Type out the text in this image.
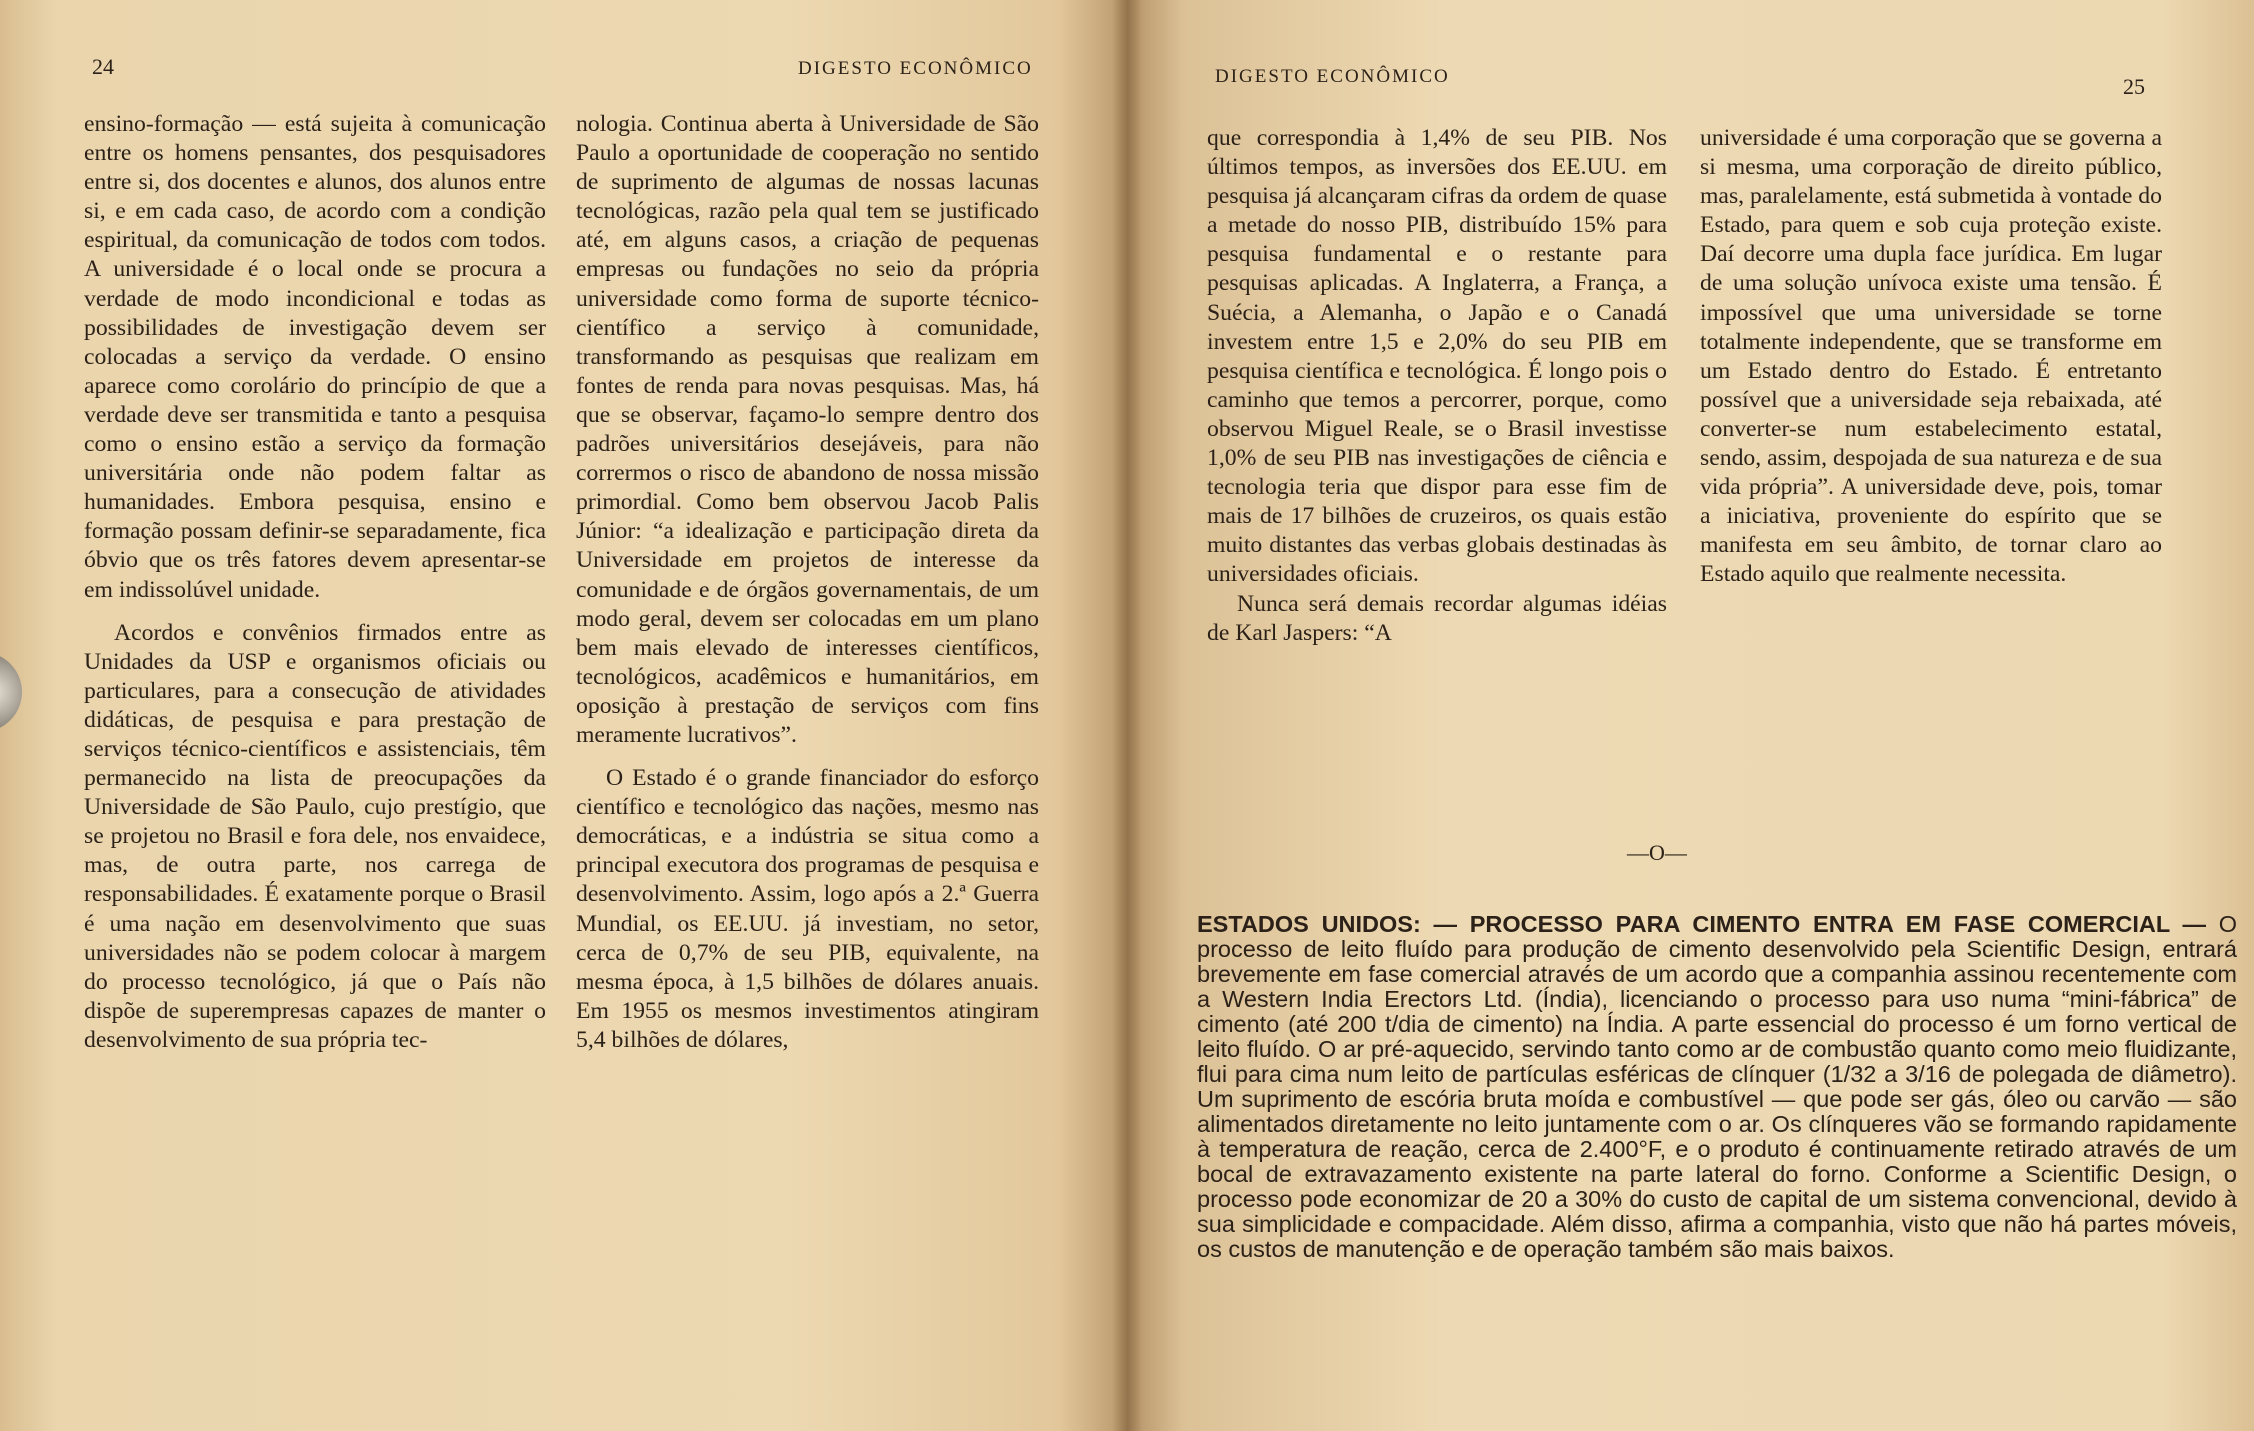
24	DIGESTO ECONÔMICO

ensino-formação — está sujeita à comunicação entre os homens pensantes, dos pesquisadores entre si, dos docentes e alunos, dos alunos entre si, e em cada caso, de acordo com a condição espiritual, da comunicação de todos com todos. A universidade é o local onde se procura a verdade de modo incondicional e todas as possibilidades de investigação devem ser colocadas a serviço da verdade. O ensino aparece como corolário do princípio de que a verdade deve ser transmitida e tanto a pesquisa como o ensino estão a serviço da formação universitária onde não podem faltar as humanidades. Embora pesquisa, ensino e formação possam definir-se separadamente, fica óbvio que os três fatores devem apresentar-se em indissolúvel unidade.

Acordos e convênios firmados entre as Unidades da USP e organismos oficiais ou particulares, para a consecução de atividades didáticas, de pesquisa e para prestação de serviços técnico-científicos e assistenciais, têm permanecido na lista de preocupações da Universidade de São Paulo, cujo prestígio, que se projetou no Brasil e fora dele, nos envaidece, mas, de outra parte, nos carrega de responsabilidades. É exatamente porque o Brasil é uma nação em desenvolvimento que suas universidades não se podem colocar à margem do processo tecnológico, já que o País não dispõe de superempresas capazes de manter o desenvolvimento de sua própria tec-

nologia. Continua aberta à Universidade de São Paulo a oportunidade de cooperação no sentido de suprimento de algumas de nossas lacunas tecnológicas, razão pela qual tem se justificado até, em alguns casos, a criação de pequenas empresas ou fundações no seio da própria universidade como forma de suporte técnico-científico a serviço à comunidade, transformando as pesquisas que realizam em fontes de renda para novas pesquisas. Mas, há que se observar, façamo-lo sempre dentro dos padrões universitários desejáveis, para não corrermos o risco de abandono de nossa missão primordial. Como bem observou Jacob Palis Júnior: “a idealização e participação direta da Universidade em projetos de interesse da comunidade e de órgãos governamentais, de um modo geral, devem ser colocadas em um plano bem mais elevado de interesses científicos, tecnológicos, acadêmicos e humanitários, em oposição à prestação de serviços com fins meramente lucrativos”.

O Estado é o grande financiador do esforço científico e tecnológico das nações, mesmo nas democráticas, e a indústria se situa como a principal executora dos programas de pesquisa e desenvolvimento. Assim, logo após a 2.ª Guerra Mundial, os EE.UU. já investiam, no setor, cerca de 0,7% de seu PIB, equivalente, na mesma época, à 1,5 bilhões de dólares anuais. Em 1955 os mesmos investimentos atingiram 5,4 bilhões de dólares,

DIGESTO ECONÔMICO	25

que correspondia à 1,4% de seu PIB. Nos últimos tempos, as inversões dos EE.UU. em pesquisa já alcançaram cifras da ordem de quase a metade do nosso PIB, distribuído 15% para pesquisa fundamental e o restante para pesquisas aplicadas. A Inglaterra, a França, a Suécia, a Alemanha, o Japão e o Canadá investem entre 1,5 e 2,0% do seu PIB em pesquisa científica e tecnológica. É longo pois o caminho que temos a percorrer, porque, como observou Miguel Reale, se o Brasil investisse 1,0% de seu PIB nas investigações de ciência e tecnologia teria que dispor para esse fim de mais de 17 bilhões de cruzeiros, os quais estão muito distantes das verbas globais destinadas às universidades oficiais.

Nunca será demais recordar algumas idéias de Karl Jaspers: “A

universidade é uma corporação que se governa a si mesma, uma corporação de direito público, mas, paralelamente, está submetida à vontade do Estado, para quem e sob cuja proteção existe. Daí decorre uma dupla face jurídica. Em lugar de uma solução unívoca existe uma tensão. É impossível que uma universidade se torne totalmente independente, que se transforme em um Estado dentro do Estado. É entretanto possível que a universidade seja rebaixada, até converter-se num estabelecimento estatal, sendo, assim, despojada de sua natureza e de sua vida própria”. A universidade deve, pois, tomar a iniciativa, proveniente do espírito que se manifesta em seu âmbito, de tornar claro ao Estado aquilo que realmente necessita.

—O—
ESTADOS UNIDOS: — PROCESSO PARA CIMENTO ENTRA EM FASE COMERCIAL — O processo de leito fluído para produção de cimento desenvolvido pela Scientific Design, entrará brevemente em fase comercial através de um acordo que a companhia assinou recentemente com a Western India Erectors Ltd. (Índia), licenciando o processo para uso numa “mini-fábrica” de cimento (até 200 t/dia de cimento) na Índia. A parte essencial do processo é um forno vertical de leito fluído. O ar pré-aquecido, servindo tanto como ar de combustão quanto como meio fluidizante, flui para cima num leito de partículas esféricas de clínquer (1/32 a 3/16 de polegada de diâmetro). Um suprimento de escória bruta moída e combustível — que pode ser gás, óleo ou carvão — são alimentados diretamente no leito juntamente com o ar. Os clínqueres vão se formando rapidamente à temperatura de reação, cerca de 2.400°F, e o produto é continuamente retirado através de um bocal de extravazamento existente na parte lateral do forno. Conforme a Scientific Design, o processo pode economizar de 20 a 30% do custo de capital de um sistema convencional, devido à sua simplicidade e compacidade. Além disso, afirma a companhia, visto que não há partes móveis, os custos de manutenção e de operação também são mais baixos.
